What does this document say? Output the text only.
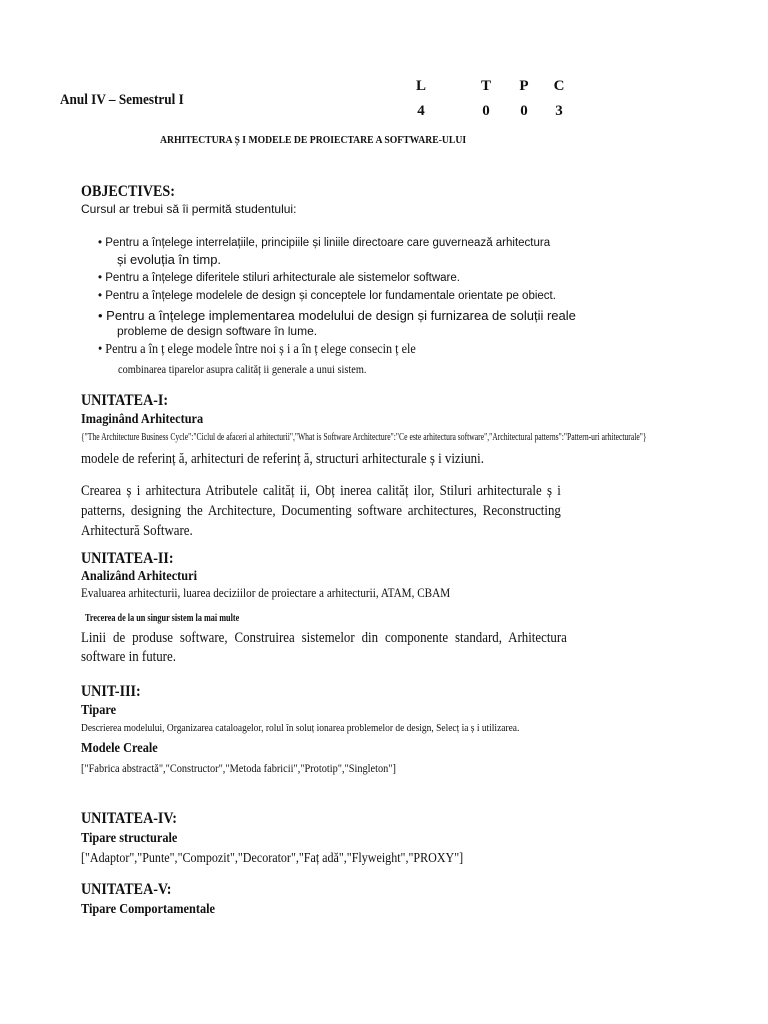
Anul IV – Semestrul I
L	T P C
4	0 0 3
ARHITECTURA Ș I MODELE DE PROIECTARE A SOFTWARE-ULUI
OBJECTIVES:
Cursul ar trebui să îi permită studentului:
• Pentru a înțelege interrelațiile, principiile și liniile directoare care guvernează arhitectura
și evoluția în timp.
• Pentru a înțelege diferitele stiluri arhitecturale ale sistemelor software.
• Pentru a înțelege modelele de design și conceptele lor fundamentale orientate pe obiect.
• Pentru a înțelege implementarea modelului de design și furnizarea de soluții reale
probleme de design software în lume.
• Pentru a în ț elege modele între noi ș i a în ț elege consecin ț ele
combinarea tiparelor asupra calităț ii generale a unui sistem.
UNITATEA-I:
Imaginând Arhitectura
{"The Architecture Business Cycle":"Ciclul de afaceri al arhitecturii","What is Software Architecture":"Ce este arhitectura software","Architectural patterns":"Pattern-uri arhitecturale"}
modele de referinț ă, arhitecturi de referinț ă, structuri arhitecturale ș i viziuni.
Crearea ș i arhitectura Atributele calităț ii, Obț inerea calităț ilor, Stiluri arhitecturale ș i patterns, designing the Architecture, Documenting software architectures, Reconstructing Arhitectură Software.
UNITATEA-II:
Analizând Arhitecturi
Evaluarea arhitecturii, luarea deciziilor de proiectare a arhitecturii, ATAM, CBAM
Trecerea de la un singur sistem la mai multe
Linii de produse software, Construirea sistemelor din componente standard, Arhitectura software in future.
UNIT-III:
Tipare
Descrierea modelului, Organizarea cataloagelor, rolul în soluț ionarea problemelor de design, Selecț ia ș i utilizarea.
Modele Creale
["Fabrica abstractă","Constructor","Metoda fabricii","Prototip","Singleton"]
UNITATEA-IV:
Tipare structurale
["Adaptor","Punte","Compozit","Decorator","Faț adă","Flyweight","PROXY"]
UNITATEA-V:
Tipare Comportamentale
